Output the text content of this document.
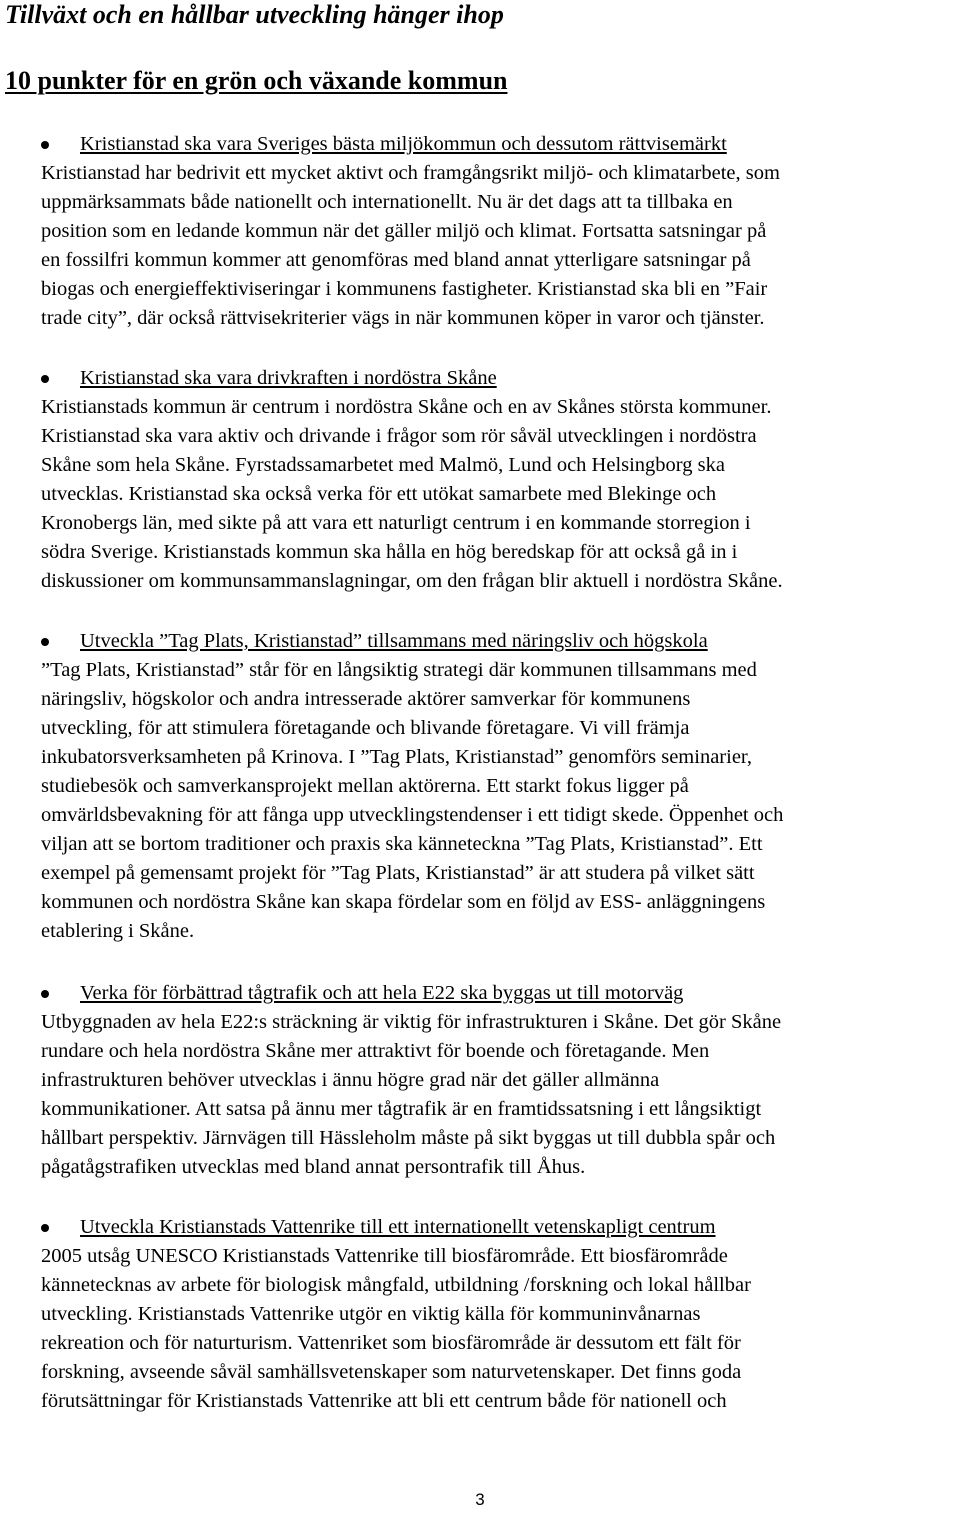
Tillväxt och en hållbar utveckling hänger ihop
10 punkter för en grön och växande kommun
Kristianstad ska vara Sveriges bästa miljökommun och dessutom rättvisemärkt
Kristianstad har bedrivit ett mycket aktivt och framgångsrikt miljö- och klimatarbete, som
uppmärksammats både nationellt och internationellt. Nu är det dags att ta tillbaka en
position som en ledande kommun när det gäller miljö och klimat. Fortsatta satsningar på
en fossilfri kommun kommer att genomföras med bland annat ytterligare satsningar på
biogas och energieffektiviseringar i kommunens fastigheter. Kristianstad ska bli en ”Fair
trade city”, där också rättvisekriterier vägs in när kommunen köper in varor och tjänster.
Kristianstad ska vara drivkraften i nordöstra Skåne
Kristianstads kommun är centrum i nordöstra Skåne och en av Skånes största kommuner.
Kristianstad ska vara aktiv och drivande i frågor som rör såväl utvecklingen i nordöstra
Skåne som hela Skåne. Fyrstadssamarbetet med Malmö, Lund och Helsingborg ska
utvecklas. Kristianstad ska också verka för ett utökat samarbete med Blekinge och
Kronobergs län, med sikte på att vara ett naturligt centrum i en kommande storregion i
södra Sverige. Kristianstads kommun ska hålla en hög beredskap för att också gå in i
diskussioner om kommunsammanslagningar, om den frågan blir aktuell i nordöstra Skåne.
Utveckla ”Tag Plats, Kristianstad” tillsammans med näringsliv och högskola
”Tag Plats, Kristianstad” står för en långsiktig strategi där kommunen tillsammans med
näringsliv, högskolor och andra intresserade aktörer samverkar för kommunens
utveckling, för att stimulera företagande och blivande företagare. Vi vill främja
inkubatorsverksamheten på Krinova. I ”Tag Plats, Kristianstad” genomförs seminarier,
studiebesök och samverkansprojekt mellan aktörerna. Ett starkt fokus ligger på
omvärldsbevakning för att fånga upp utvecklingstendenser i ett tidigt skede. Öppenhet och
viljan att se bortom traditioner och praxis ska känneteckna ”Tag Plats, Kristianstad”. Ett
exempel på gemensamt projekt för ”Tag Plats, Kristianstad” är att studera på vilket sätt
kommunen och nordöstra Skåne kan skapa fördelar som en följd av ESS- anläggningens
etablering i Skåne.
Verka för förbättrad tågtrafik och att hela E22 ska byggas ut till motorväg
Utbyggnaden av hela E22:s sträckning är viktig för infrastrukturen i Skåne. Det gör Skåne
rundare och hela nordöstra Skåne mer attraktivt för boende och företagande. Men
infrastrukturen behöver utvecklas i ännu högre grad när det gäller allmänna
kommunikationer. Att satsa på ännu mer tågtrafik är en framtidssatsning i ett långsiktigt
hållbart perspektiv. Järnvägen till Hässleholm måste på sikt byggas ut till dubbla spår och
pågatågstrafiken utvecklas med bland annat persontrafik till Åhus.
Utveckla Kristianstads Vattenrike till ett internationellt vetenskapligt centrum
2005 utsåg UNESCO Kristianstads Vattenrike till biosfärområde. Ett biosfärområde
kännetecknas av arbete för biologisk mångfald, utbildning /forskning och lokal hållbar
utveckling. Kristianstads Vattenrike utgör en viktig källa för kommuninvånarnas
rekreation och för naturturism. Vattenriket som biosfärområde är dessutom ett fält för
forskning, avseende såväl samhällsvetenskaper som naturvetenskaper. Det finns goda
förutsättningar för Kristianstads Vattenrike att bli ett centrum både för nationell och
3
